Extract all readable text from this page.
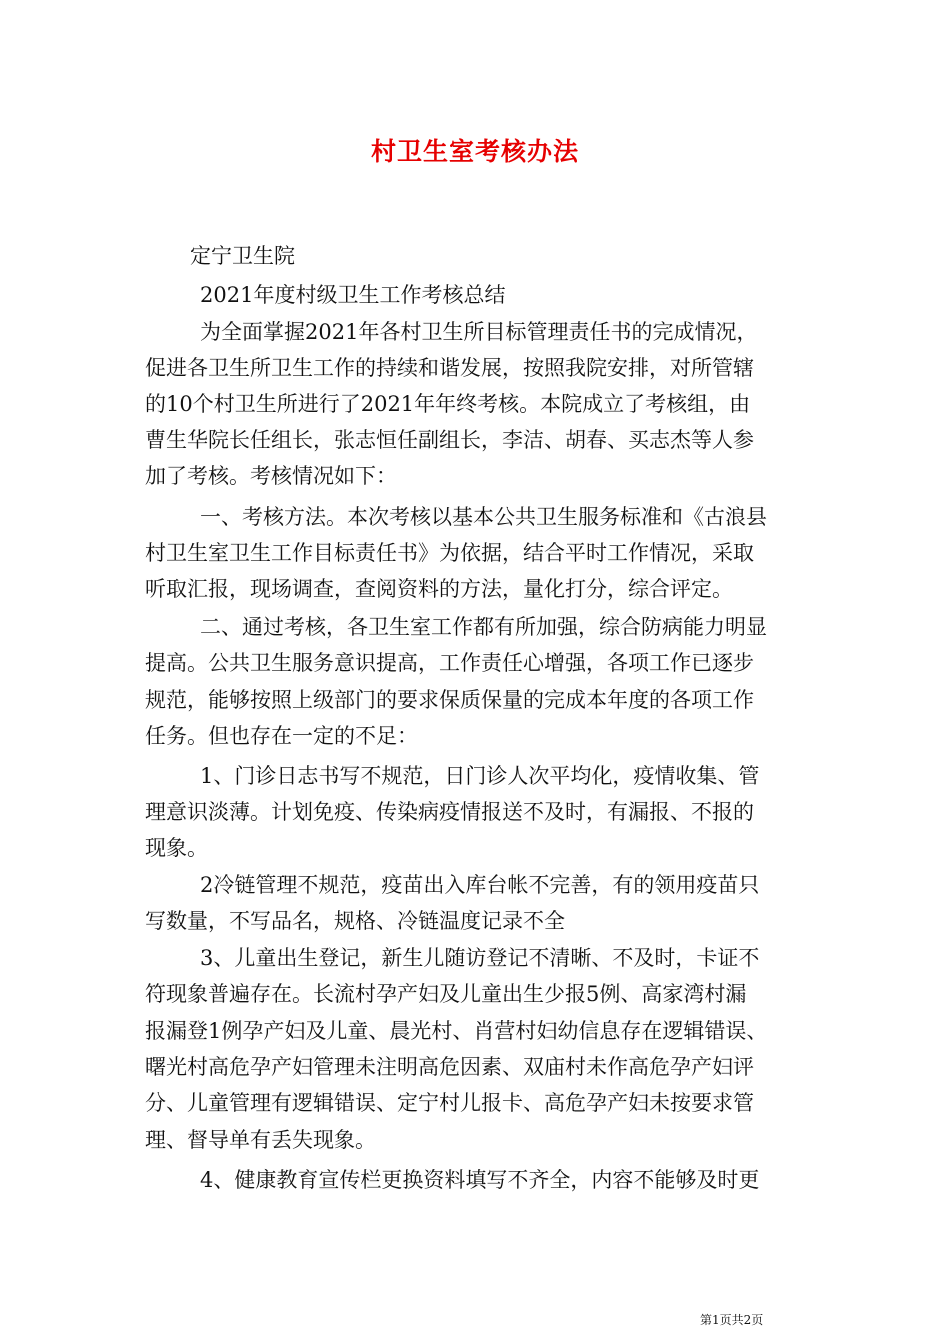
村卫生室考核办法
定宁卫生院
2021年度村级卫生工作考核总结
为全面掌握2021年各村卫生所目标管理责任书的完成情况，
促进各卫生所卫生工作的持续和谐发展，按照我院安排，对所管辖
的10个村卫生所进行了2021年年终考核。本院成立了考核组，由
曹生华院长任组长，张志恒任副组长，李洁、胡春、买志杰等人参
加了考核。考核情况如下：
一、考核方法。本次考核以基本公共卫生服务标准和《古浪县
村卫生室卫生工作目标责任书》为依据，结合平时工作情况，采取
听取汇报，现场调查，查阅资料的方法，量化打分，综合评定。
二、通过考核，各卫生室工作都有所加强，综合防病能力明显
提高。公共卫生服务意识提高，工作责任心增强，各项工作已逐步
规范，能够按照上级部门的要求保质保量的完成本年度的各项工作
任务。但也存在一定的不足：
1、门诊日志书写不规范，日门诊人次平均化，疫情收集、管
理意识淡薄。计划免疫、传染病疫情报送不及时，有漏报、不报的
现象。
2冷链管理不规范，疫苗出入库台帐不完善，有的领用疫苗只
写数量，不写品名，规格、冷链温度记录不全
3、儿童出生登记，新生儿随访登记不清晰、不及时，卡证不
符现象普遍存在。长流村孕产妇及儿童出生少报5例、高家湾村漏
报漏登1例孕产妇及儿童、晨光村、肖营村妇幼信息存在逻辑错误、
曙光村高危孕产妇管理未注明高危因素、双庙村未作高危孕产妇评
分、儿童管理有逻辑错误、定宁村儿报卡、高危孕产妇未按要求管
理、督导单有丢失现象。
4、健康教育宣传栏更换资料填写不齐全，内容不能够及时更
第1页共2页
